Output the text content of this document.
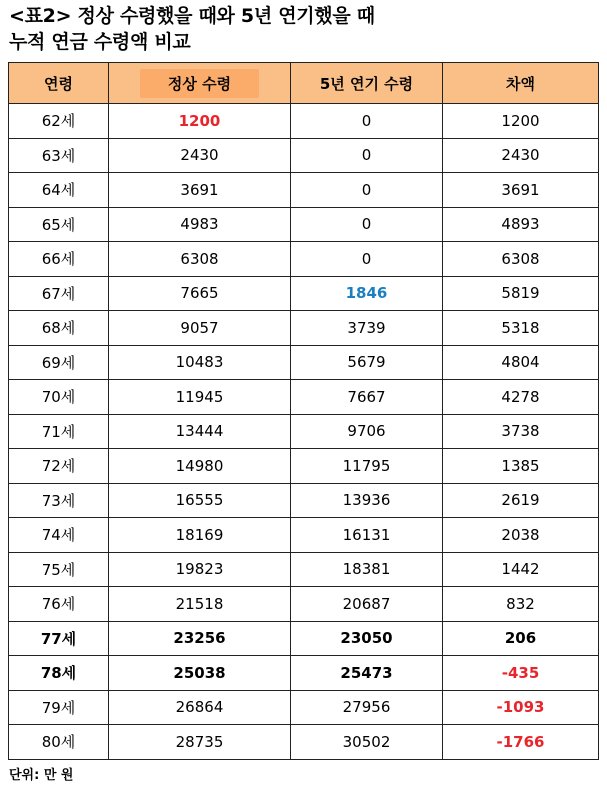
<표2> 정상 수령했을 때와 5년 연기했을 때
누적 연금 수령액 비교
연령	정상 수령	5년 연기 수령	차액
62세	1200	0	1200
63세	2430	0	2430
64세	3691	0	3691
65세	4983	0	4893
66세	6308	0	6308
67세	7665	1846	5819
68세	9057	3739	5318
69세	10483	5679	4804
70세	11945	7667	4278
71세	13444	9706	3738
72세	14980	11795	1385
73세	16555	13936	2619
74세	18169	16131	2038
75세	19823	18381	1442
76세	21518	20687	832
77세	23256	23050	206
78세	25038	25473	-435
79세	26864	27956	-1093
80세	28735	30502	-1766
단위: 만 원
